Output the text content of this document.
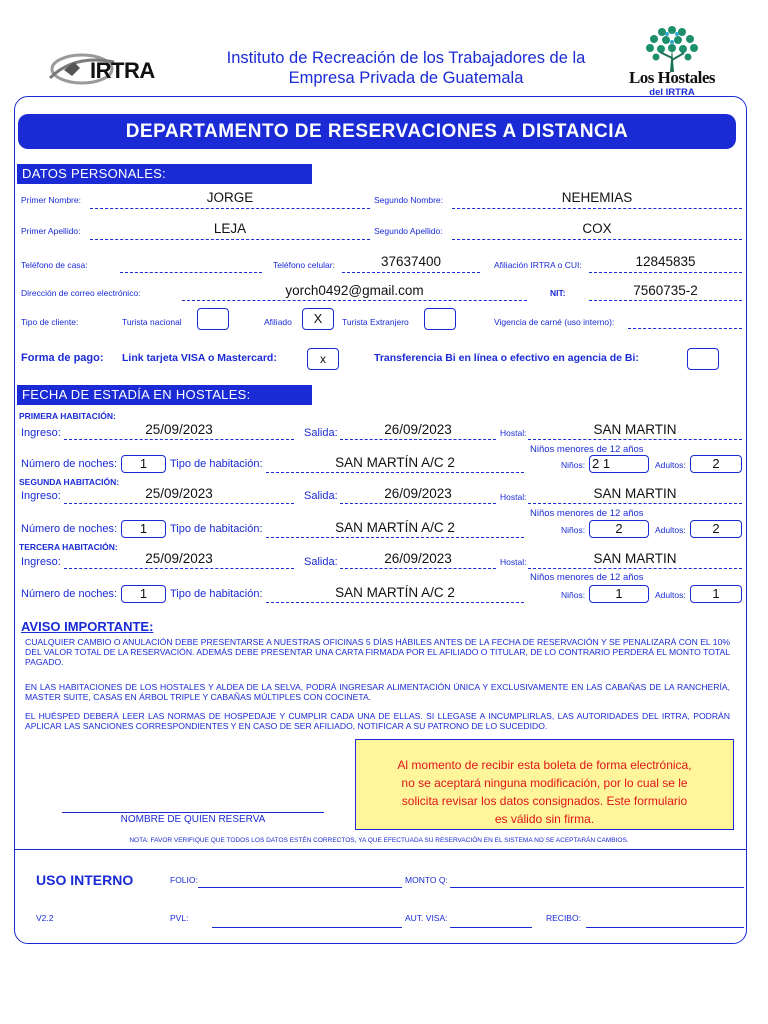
IRTRA	Instituto de Recreación de los Trabajadores de la
Empresa Privada de Guatemala	Los Hostales
del IRTRA
DEPARTAMENTO DE RESERVACIONES A DISTANCIA
DATOS PERSONALES:
Primer Nombre:	JORGE	Segundo Nombre:	NEHEMIAS
Primer Apellido:	LEJA	Segundo Apellido:	COX
Teléfono de casa:	Teléfono celular:	37637400	Afiliación IRTRA o CUI:	12845835
Dirección de correo electrónico:	yorch0492@gmail.com	NIT:	7560735-2
Tipo de cliente:	Turista nacional	Afiliado	X	Turista Extranjero	Vigencia de carné (uso interno):
Forma de pago: Link tarjeta VISA o Mastercard:	x	Transferencia Bi en línea o efectivo en agencia de Bi:
FECHA DE ESTADÍA EN HOSTALES:
PRIMERA HABITACIÓN:
Ingreso:	25/09/2023	Salida:	26/09/2023	Hostal:	SAN MARTIN
Niños menores de 12 años
Número de noches:	1	Tipo de habitación:	SAN MARTÍN A/C 2	Niños: 2 1	Adultos:	2
SEGUNDA HABITACIÓN:
Ingreso:	25/09/2023	Salida:	26/09/2023	Hostal:	SAN MARTIN
Niños menores de 12 años
Número de noches:	1	Tipo de habitación:	SAN MARTÍN A/C 2	Niños:	2	Adultos:	2
TERCERA HABITACIÓN:
Ingreso:	25/09/2023	Salida:	26/09/2023	Hostal:	SAN MARTIN
Niños menores de 12 años
Número de noches:	1	Tipo de habitación:	SAN MARTÍN A/C 2	Niños:	1	Adultos:	1
AVISO IMPORTANTE:
CUALQUIER CAMBIO O ANULACIÓN DEBE PRESENTARSE A NUESTRAS OFICINAS 5 DÍAS HÁBILES ANTES DE LA FECHA DE RESERVACIÓN Y SE PENALIZARÁ CON EL 10% DEL VALOR TOTAL DE LA RESERVACIÓN. ADEMÁS DEBE PRESENTAR UNA CARTA FIRMADA POR EL AFILIADO O TITULAR, DE LO CONTRARIO PERDERÁ EL MONTO TOTAL PAGADO.
EN LAS HABITACIONES DE LOS HOSTALES Y ALDEA DE LA SELVA, PODRÁ INGRESAR ALIMENTACIÓN ÚNICA Y EXCLUSIVAMENTE EN LAS CABAÑAS DE LA RANCHERÍA, MASTER SUITE, CASAS EN ÁRBOL TRIPLE Y CABAÑAS MÚLTIPLES CON COCINETA.
EL HUÉSPED DEBERÁ LEER LAS NORMAS DE HOSPEDAJE Y CUMPLIR CADA UNA DE ELLAS. SI LLEGASE A INCUMPLIRLAS, LAS AUTORIDADES DEL IRTRA, PODRÁN APLICAR LAS SANCIONES CORRESPONDIENTES Y EN CASO DE SER AFILIADO, NOTIFICAR A SU PATRONO DE LO SUCEDIDO.
NOMBRE DE QUIEN RESERVA
Al momento de recibir esta boleta de forma electrónica, no se aceptará ninguna modificación, por lo cual se le solicita revisar los datos consignados. Este formulario es válido sin firma.
NOTA: FAVOR VERIFIQUE QUE TODOS LOS DATOS ESTÉN CORRECTOS, YA QUE EFECTUADA SU RESERVACIÓN EN EL SISTEMA NO SE ACEPTARÁN CAMBIOS.
USO INTERNO	FOLIO:	MONTO Q:
V2.2	PVL:	AUT. VISA:	RECIBO:
